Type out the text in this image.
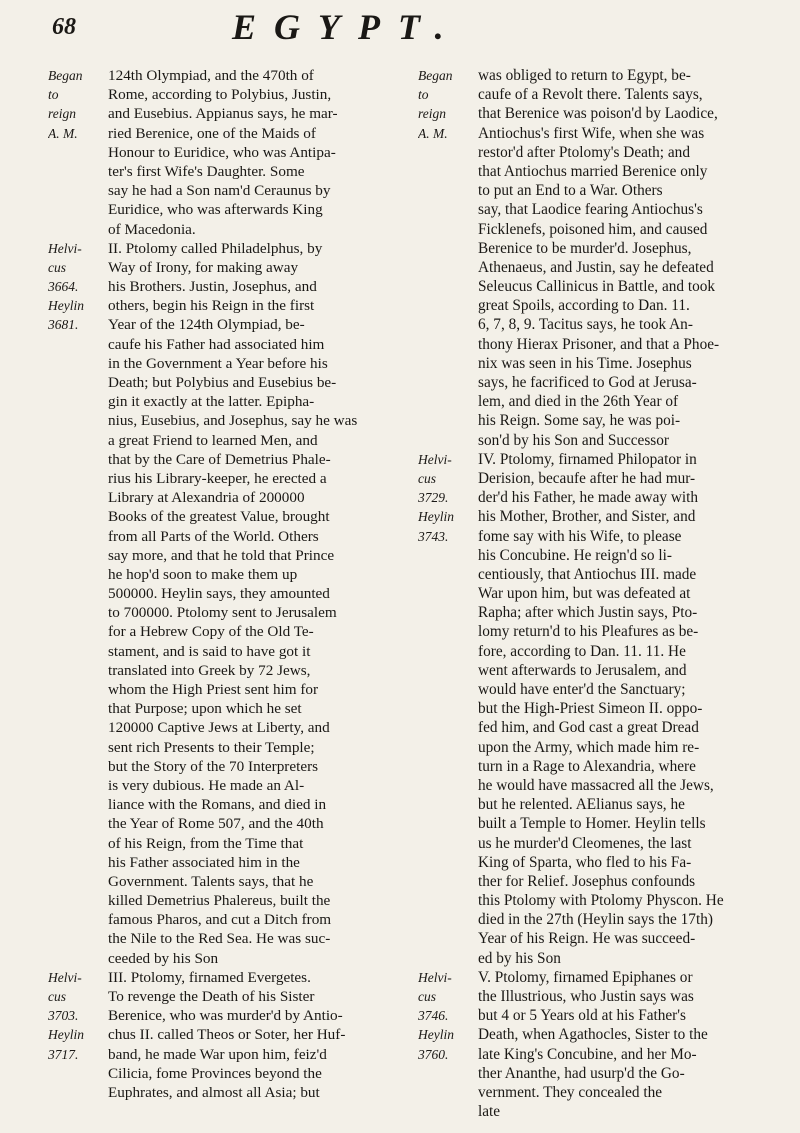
68	EGYPT.
Began	124th Olympiad, and the 470th of
to	Rome, according to Polybius, Justin,
reign	and Eusebius. Appianus says, he mar-
A. M.	ried Berenice, one of the Maids of
Honour to Euridice, who was Antipa-
ter's first Wife's Daughter. Some
say he had a Son nam'd Ceraunus by
Euridice, who was afterwards King
of Macedonia.
Helvi-	II. Ptolomy called Philadelphus, by
cus	Way of Irony, for making away
3664.	his Brothers. Justin, Josephus, and
Heylin	others, begin his Reign in the first
3681.	Year of the 124th Olympiad, be-
caufe his Father had associated him
in the Government a Year before his
Death; but Polybius and Eusebius be-
gin it exactly at the latter. Epipha-
nius, Eusebius, and Josephus, say he was
a great Friend to learned Men, and
that by the Care of Demetrius Phale-
rius his Library-keeper, he erected a
Library at Alexandria of 200000
Books of the greatest Value, brought
from all Parts of the World. Others
say more, and that he told that Prince
he hop'd soon to make them up
500000. Heylin says, they amounted
to 700000. Ptolomy sent to Jerusalem
for a Hebrew Copy of the Old Te-
stament, and is said to have got it
translated into Greek by 72 Jews,
whom the High Priest sent him for
that Purpose; upon which he set
120000 Captive Jews at Liberty, and
sent rich Presents to their Temple;
but the Story of the 70 Interpreters
is very dubious. He made an Al-
liance with the Romans, and died in
the Year of Rome 507, and the 40th
of his Reign, from the Time that
his Father associated him in the
Government. Talents says, that he
killed Demetrius Phalereus, built the
famous Pharos, and cut a Ditch from
the Nile to the Red Sea. He was suc-
ceeded by his Son
Helvi-	III. Ptolomy, firnamed Evergetes.
cus	To revenge the Death of his Sister
3703.	Berenice, who was murder'd by Antio-
Heylin	chus II. called Theos or Soter, her Huf-
3717.	band, he made War upon him, feiz'd
Cilicia, fome Provinces beyond the
Euphrates, and almost all Asia; but
Began	was obliged to return to Egypt, be-
to	caufe of a Revolt there. Talents says,
reign	that Berenice was poison'd by Laodice,
A. M.	Antiochus's first Wife, when she was
restor'd after Ptolomy's Death; and
that Antiochus married Berenice only
to put an End to a War. Others
say, that Laodice fearing Antiochus's
Ficklenefs, poisoned him, and caused
Berenice to be murder'd. Josephus,
Athenaeus, and Justin, say he defeated
Seleucus Callinicus in Battle, and took
great Spoils, according to Dan. 11.
6, 7, 8, 9. Tacitus says, he took An-
thony Hierax Prisoner, and that a Phoe-
nix was seen in his Time. Josephus
says, he facrificed to God at Jerusa-
lem, and died in the 26th Year of
his Reign. Some say, he was poi-
son'd by his Son and Successor
Helvi-	IV. Ptolomy, firnamed Philopator in
cus	Derision, becaufe after he had mur-
3729.	der'd his Father, he made away with
Heylin	his Mother, Brother, and Sister, and
3743.	fome say with his Wife, to please
his Concubine. He reign'd so li-
centiously, that Antiochus III. made
War upon him, but was defeated at
Rapha; after which Justin says, Pto-
lomy return'd to his Pleafures as be-
fore, according to Dan. 11. 11. He
went afterwards to Jerusalem, and
would have enter'd the Sanctuary;
but the High-Priest Simeon II. oppo-
fed him, and God cast a great Dread
upon the Army, which made him re-
turn in a Rage to Alexandria, where
he would have massacred all the Jews,
but he relented. AElianus says, he
built a Temple to Homer. Heylin tells
us he murder'd Cleomenes, the last
King of Sparta, who fled to his Fa-
ther for Relief. Josephus confounds
this Ptolomy with Ptolomy Physcon. He
died in the 27th (Heylin says the 17th)
Year of his Reign. He was succeed-
ed by his Son
Helvi-	V. Ptolomy, firnamed Epiphanes or
cus	the Illustrious, who Justin says was
3746.	but 4 or 5 Years old at his Father's
Heylin	Death, when Agathocles, Sister to the
3760.	late King's Concubine, and her Mo-
ther Ananthe, had usurp'd the Go-
vernment. They concealed the
late
